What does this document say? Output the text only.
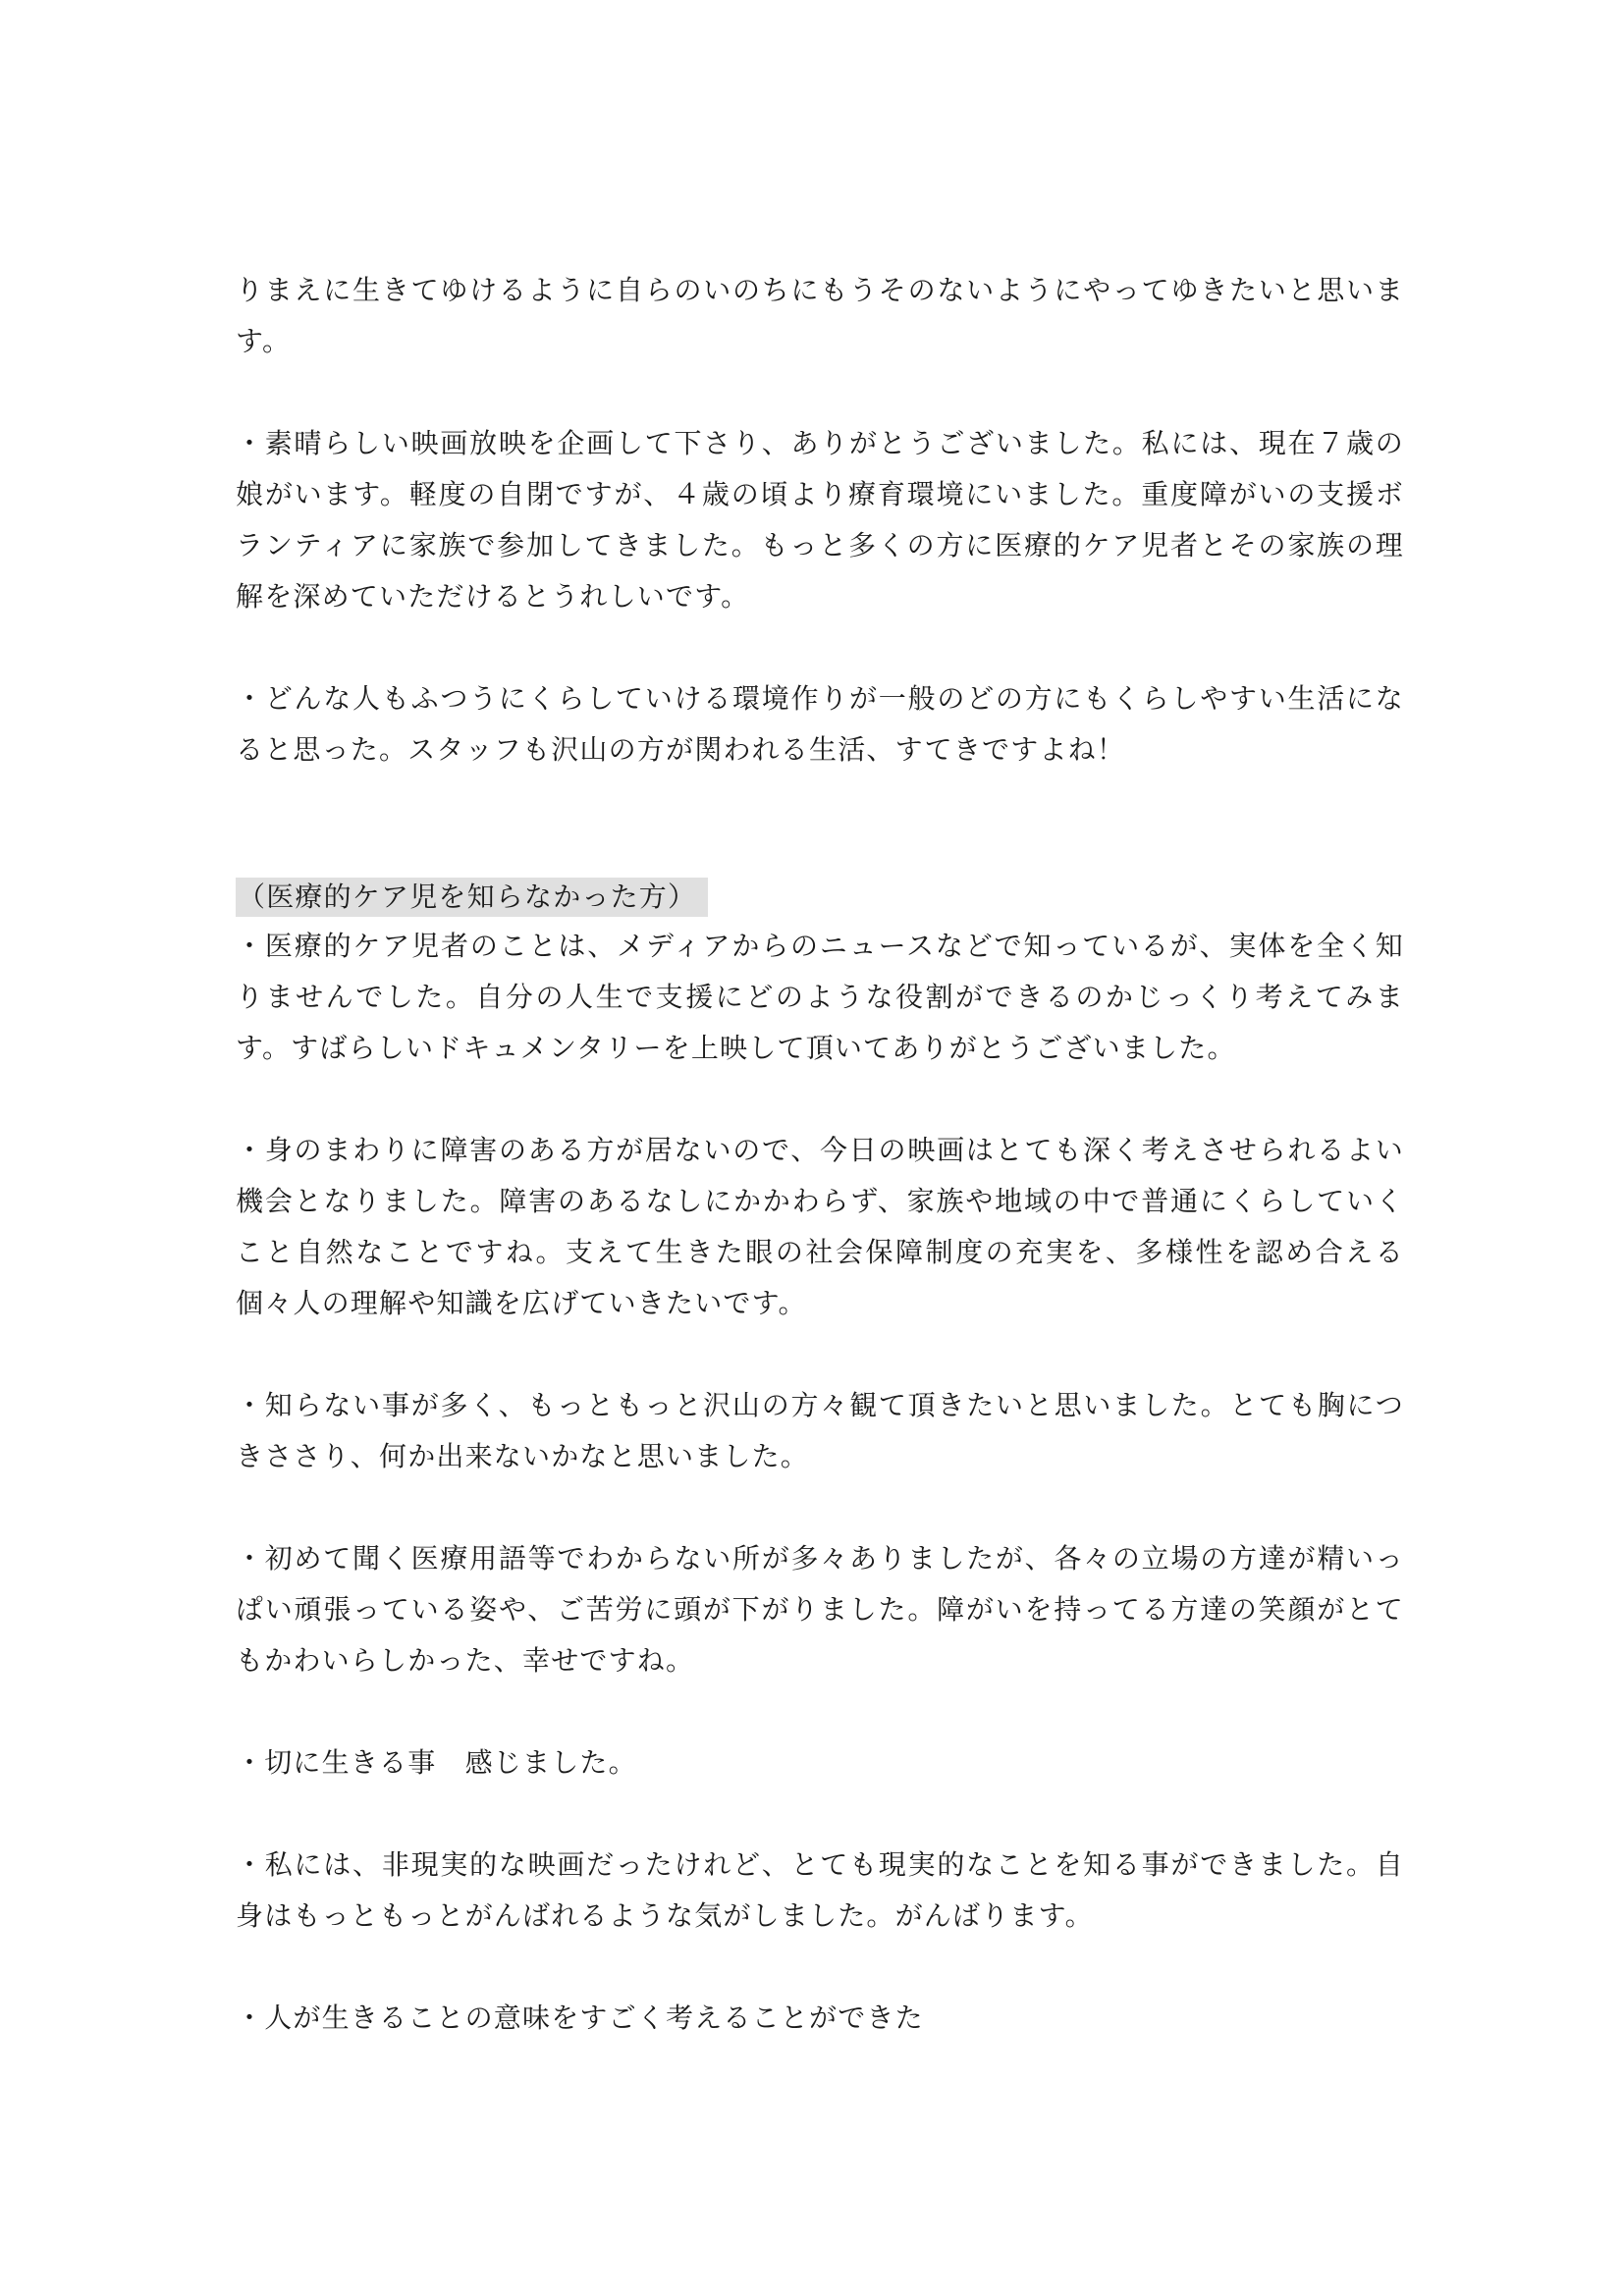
りまえに生きてゆけるように自らのいのちにもうそのないようにやってゆきたいと思います。

・素晴らしい映画放映を企画して下さり、ありがとうございました。私には、現在７歳の娘がいます。軽度の自閉ですが、４歳の頃より療育環境にいました。重度障がいの支援ボランティアに家族で参加してきました。もっと多くの方に医療的ケア児者とその家族の理解を深めていただけるとうれしいです。

・どんな人もふつうにくらしていける環境作りが一般のどの方にもくらしやすい生活になると思った。スタッフも沢山の方が関われる生活、すてきですよね！

（医療的ケア児を知らなかった方）

・医療的ケア児者のことは、メディアからのニュースなどで知っているが、実体を全く知りませんでした。自分の人生で支援にどのような役割ができるのかじっくり考えてみます。すばらしいドキュメンタリーを上映して頂いてありがとうございました。

・身のまわりに障害のある方が居ないので、今日の映画はとても深く考えさせられるよい機会となりました。障害のあるなしにかかわらず、家族や地域の中で普通にくらしていくこと自然なことですね。支えて生きた眼の社会保障制度の充実を、多様性を認め合える個々人の理解や知識を広げていきたいです。

・知らない事が多く、もっともっと沢山の方々観て頂きたいと思いました。とても胸につきささり、何か出来ないかなと思いました。

・初めて聞く医療用語等でわからない所が多々ありましたが、各々の立場の方達が精いっぱい頑張っている姿や、ご苦労に頭が下がりました。障がいを持ってる方達の笑顔がとてもかわいらしかった、幸せですね。

・切に生きる事　感じました。

・私には、非現実的な映画だったけれど、とても現実的なことを知る事ができました。自身はもっともっとがんばれるような気がしました。がんばります。

・人が生きることの意味をすごく考えることができた
